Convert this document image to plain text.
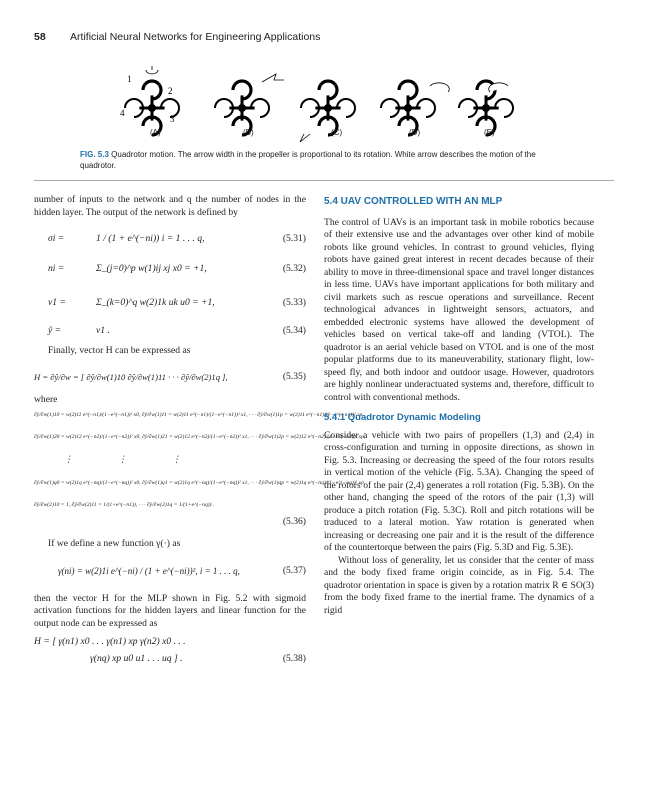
58 Artificial Neural Networks for Engineering Applications
1
2
3
4
(A)	(B)	(C)	(D)	(E)
FIG. 5.3 Quadrotor motion. The arrow width in the propeller is proportional to its rotation. White arrow describes the motion of the quadrotor.

number of inputs to the network and q the number of nodes in the hidden layer. The output of the network is defined by

σi =	1 / (1 + e^(−ni)) i = 1 . . . q,	(5.31)
ni =	Σ_(j=0)^p w(1)ij xj x0 = +1,	(5.32)
v1 =	Σ_(k=0)^q w(2)1k uk u0 = +1,	(5.33)
ŷ =	v1 .	(5.34)

Finally, vector H can be expressed as

H = ∂ŷ/∂w = [ ∂ŷ/∂w(1)10 ∂ŷ/∂w(1)11 · · · ∂ŷ/∂w(2)1q ],	(5.35)

where

∂ŷ/∂w(1)10 = w(2)11 e^(−n1)/(1−e^(−n1))² x0, ∂ŷ/∂w(1)11 = w(2)11 e^(−n1)/(1−e^(−n1))² x1, · · · ∂ŷ/∂w(1)1p = w(2)11 e^(−n1)/(1−e^(−n1))² xp,
∂ŷ/∂w(1)20 = w(2)12 e^(−n2)/(1−e^(−n2))² x0, ∂ŷ/∂w(1)21 = w(2)12 e^(−n2)/(1−e^(−n2))² x1, · · · ∂ŷ/∂w(1)2p = w(2)12 e^(−n2)/(1−e^(−n2))² xp,
⋮                    ⋮                    ⋮
∂ŷ/∂w(1)q0 = w(2)1q e^(−nq)/(1−e^(−nq))² x0, ∂ŷ/∂w(1)q1 = w(2)1q e^(−nq)/(1−e^(−nq))² x1, · · · ∂ŷ/∂w(1)qp = w(2)1q e^(−nq)/(1−e^(−nq))² xp,
∂ŷ/∂w(2)10 = 1, ∂ŷ/∂w(2)11 = 1/(1+e^(−n1)), · · · ∂ŷ/∂w(2)1q = 1/(1+e^(−nq)) .
(5.36)

If we define a new function γ(·) as

γ(ni) = w(2)1i e^(−ni) / (1 + e^(−ni))², i = 1 . . . q,	(5.37)

then the vector H for the MLP shown in Fig. 5.2 with sigmoid activation functions for the hidden layers and linear function for the output node can be expressed as

H = [ γ(n1) x0 . . . γ(n1) xp γ(n2) x0 . . .
γ(nq) xp u0 u1 . . . uq ] .	(5.38)
5.4 UAV CONTROLLED WITH AN MLP

The control of UAVs is an important task in mobile robotics because of their extensive use and the advantages over other kind of mobile robots like ground vehicles. In contrast to ground vehicles, flying robots have gained great interest in recent decades because of their ability to move in three-dimensional space and travel longer distances in less time. UAVs have important applications for both military and civil markets such as rescue operations and surveillance. Recent technological advances in lightweight sensors, actuators, and embedded electronic systems have allowed the development of vehicles based on vertical take-off and landing (VTOL). The quadrotor is an aerial vehicle based on VTOL and is one of the most popular platforms due to its maneuverability, stationary flight, low-speed fly, and both indoor and outdoor usage. However, quadrotors are highly nonlinear underactuated systems and, therefore, difficult to control with conventional methods.

5.4.1 Quadrotor Dynamic Modeling

Consider a vehicle with two pairs of propellers (1,3) and (2,4) in cross-configuration and turning in opposite directions, as shown in Fig. 5.3. Increasing or decreasing the speed of the four rotors results in vertical motion of the vehicle (Fig. 5.3A). Changing the speed of the rotors of the pair (2,4) generates a roll rotation (Fig. 5.3B). On the other hand, changing the speed of the rotors of the pair (1,3) will produce a pitch rotation (Fig. 5.3C). Roll and pitch rotations will be traduced to a lateral motion. Yaw rotation is generated when increasing or decreasing one pair and it is the result of the difference of the countertorque between the pairs (Fig. 5.3D and Fig. 5.3E).

Without loss of generality, let us consider that the center of mass and the body fixed frame origin coincide, as in Fig. 5.4. The quadrotor orientation in space is given by a rotation matrix R ∈ SO(3) from the body fixed frame to the inertial frame. The dynamics of a rigid
